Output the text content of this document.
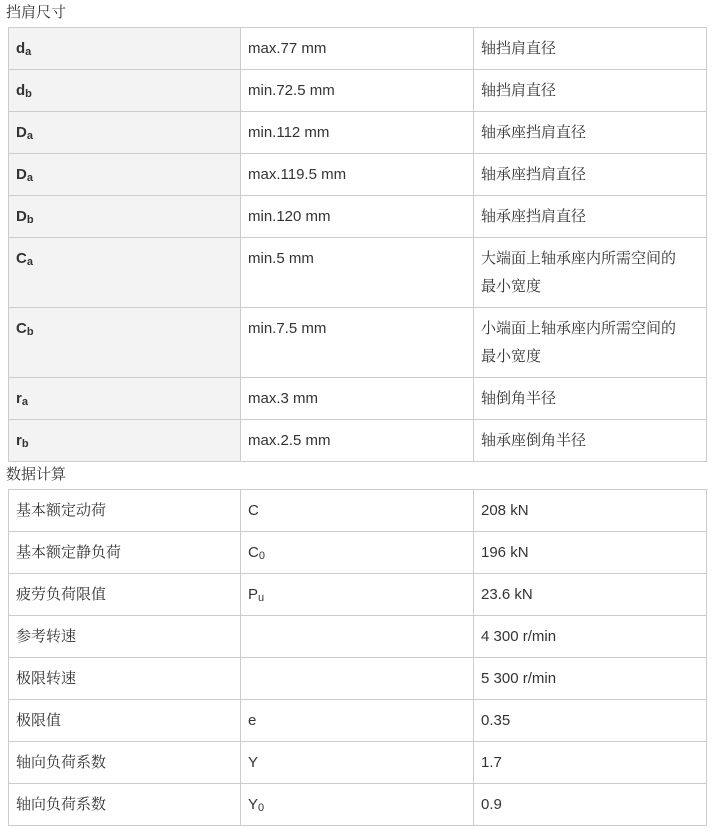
挡肩尺寸
$d_a$	max.77 mm	轴挡肩直径
$d_b$	min.72.5 mm	轴挡肩直径
$D_a$	min.112 mm	轴承座挡肩直径
$D_a$	max.119.5 mm	轴承座挡肩直径
$D_b$	min.120 mm	轴承座挡肩直径
$C_a$	min.5 mm	大端面上轴承座内所需空间的最小宽度
$C_b$	min.7.5 mm	小端面上轴承座内所需空间的最小宽度
$r_a$	max.3 mm	轴倒角半径
$r_b$	max.2.5 mm	轴承座倒角半径
数据计算
基本额定动荷	C	208 kN
基本额定静负荷	$C_0$	196 kN
疲劳负荷限值	$P_u$	23.6 kN
参考转速		4 300 r/min
极限转速		5 300 r/min
极限值	e	0.35
轴向负荷系数	Y	1.7
轴向负荷系数	$Y_0$	0.9
